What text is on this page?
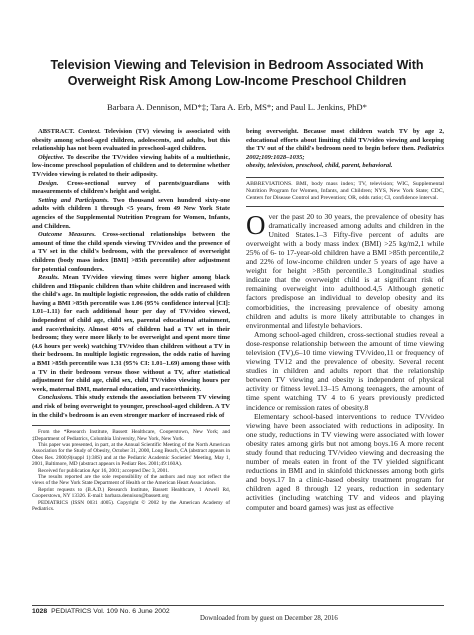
Television Viewing and Television in Bedroom Associated With Overweight Risk Among Low-Income Preschool Children

Barbara A. Dennison, MD*‡; Tara A. Erb, MS*; and Paul L. Jenkins, PhD*

ABSTRACT. Context. Television (TV) viewing is associated with obesity among school-aged children, adolescents, and adults, but this relationship has not been evaluated in preschool-aged children.

Objective. To describe the TV/video viewing habits of a multiethnic, low-income preschool population of children and to determine whether TV/video viewing is related to their adiposity.

Design. Cross-sectional survey of parents/guardians with measurements of children's height and weight.

Setting and Participants. Two thousand seven hundred sixty-one adults with children 1 through <5 years, from 49 New York State agencies of the Supplemental Nutrition Program for Women, Infants, and Children.

Outcome Measures. Cross-sectional relationships between the amount of time the child spends viewing TV/video and the presence of a TV set in the child's bedroom, with the prevalence of overweight children (body mass index [BMI] >85th percentile) after adjustment for potential confounders.

Results. Mean TV/video viewing times were higher among black children and Hispanic children than white children and increased with the child's age. In multiple logistic regression, the odds ratio of children having a BMI >85th percentile was 1.06 (95% confidence interval [CI]: 1.01–1.11) for each additional hour per day of TV/video viewed, independent of child age, child sex, parental educational attainment, and race/ethnicity. Almost 40% of children had a TV set in their bedroom; they were more likely to be overweight and spent more time (4.6 hours per week) watching TV/video than children without a TV in their bedroom. In multiple logistic regression, the odds ratio of having a BMI >85th percentile was 1.31 (95% CI: 1.01–1.69) among those with a TV in their bedroom versus those without a TV, after statistical adjustment for child age, child sex, child TV/video viewing hours per week, maternal BMI, maternal education, and race/ethnicity.

Conclusions. This study extends the association between TV viewing and risk of being overweight to younger, preschool-aged children. A TV in the child's bedroom is an even stronger marker of increased risk of

From the *Research Institute, Bassett Healthcare, Cooperstown, New York; and ‡Department of Pediatrics, Columbia University, New York, New York.

This paper was presented, in part, at the Annual Scientific Meeting of the North American Association for the Study of Obesity, October 31, 2000, Long Beach, CA (abstract appears in Obes Res. 2000;8(suppl 1):38S) and at the Pediatric Academic Societies' Meeting, May 1, 2001, Baltimore, MD (abstract appears in Pediatr Res. 2001;49:160A).

Received for publication Apr 16, 2001; accepted Dec 3, 2001.

The results reported are the sole responsibility of the authors and may not reflect the views of the New York State Department of Health or the American Heart Association.

Reprint requests to (B.A.D.) Research Institute, Bassett Healthcare, 1 Atwell Rd, Cooperstown, NY 13326. E-mail: barbara.dennison@bassett.org

PEDIATRICS (ISSN 0031 4005). Copyright © 2002 by the American Academy of Pediatrics.

being overweight. Because most children watch TV by age 2, educational efforts about limiting child TV/video viewing and keeping the TV out of the child's bedroom need to begin before then. Pediatrics 2002;109:1028–1035;

obesity, television, preschool, child, parent, behavioral.

ABBREVIATIONS. BMI, body mass index; TV, television; WIC, Supplemental Nutrition Program for Women, Infants, and Children; NYS, New York State; CDC, Centers for Disease Control and Prevention; OR, odds ratio; CI, confidence interval.

Over the past 20 to 30 years, the prevalence of obesity has dramatically increased among adults and children in the United States.1–3 Fifty-five percent of adults are overweight with a body mass index (BMI) >25 kg/m2,1 while 25% of 6- to 17-year-old children have a BMI >85th percentile,2 and 22% of low-income children under 5 years of age have a weight for height >85th percentile.3 Longitudinal studies indicate that the overweight child is at significant risk of remaining overweight into adulthood.4,5 Although genetic factors predispose an individual to develop obesity and its comorbidities, the increasing prevalence of obesity among children and adults is more likely attributable to changes in environmental and lifestyle behaviors.

Among school-aged children, cross-sectional studies reveal a dose-response relationship between the amount of time viewing television (TV),6–10 time viewing TV/video,11 or frequency of viewing TV12 and the prevalence of obesity. Several recent studies in children and adults report that the relationship between TV viewing and obesity is independent of physical activity or fitness level.13–15 Among teenagers, the amount of time spent watching TV 4 to 6 years previously predicted incidence or remission rates of obesity.8

Elementary school-based interventions to reduce TV/video viewing have been associated with reductions in adiposity. In one study, reductions in TV viewing were associated with lower obesity rates among girls but not among boys.16 A more recent study found that reducing TV/video viewing and decreasing the number of meals eaten in front of the TV yielded significant reductions in BMI and in skinfold thicknesses among both girls and boys.17 In a clinic-based obesity treatment program for children aged 8 through 12 years, reduction in sedentary activities (including watching TV and videos and playing computer and board games) was just as effective

1028 PEDIATRICS Vol. 109 No. 6 June 2002
Downloaded from by guest on December 28, 2016
